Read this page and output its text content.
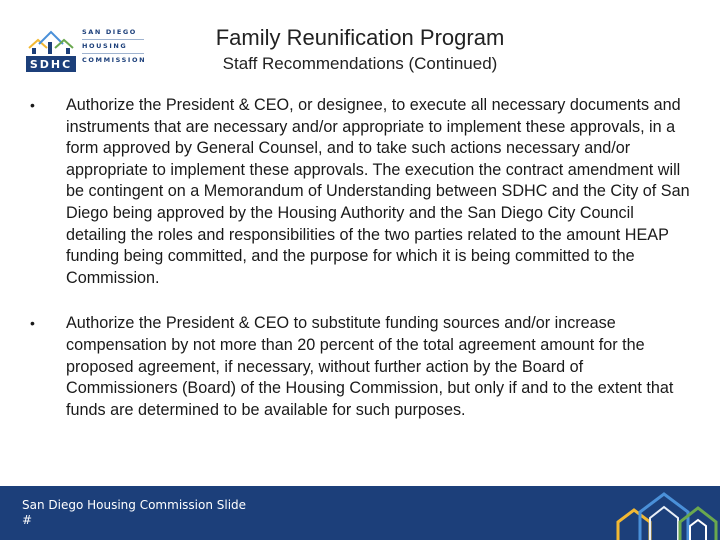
SDHC
SAN DIEGO
HOUSING
COMMISSION
Family Reunification Program
Staff Recommendations (Continued)
•	Authorize the President & CEO, or designee, to execute all necessary documents and instruments that are necessary and/or appropriate to implement these approvals, in a form approved by General Counsel, and to take such actions necessary and/or appropriate to implement these approvals. The execution the contract amendment will be contingent on a Memorandum of Understanding between SDHC and the City of San Diego being approved by the Housing Authority and the San Diego City Council detailing the roles and responsibilities of the two parties related to the amount HEAP funding being committed, and the purpose for which it is being committed to the Commission.
•	Authorize the President & CEO to substitute funding sources and/or increase compensation by not more than 20 percent of the total agreement amount for the proposed agreement, if necessary, without further action by the Board of Commissioners (Board) of the Housing Commission, but only if and to the extent that funds are determined to be available for such purposes.
San Diego Housing Commission Slide
#
